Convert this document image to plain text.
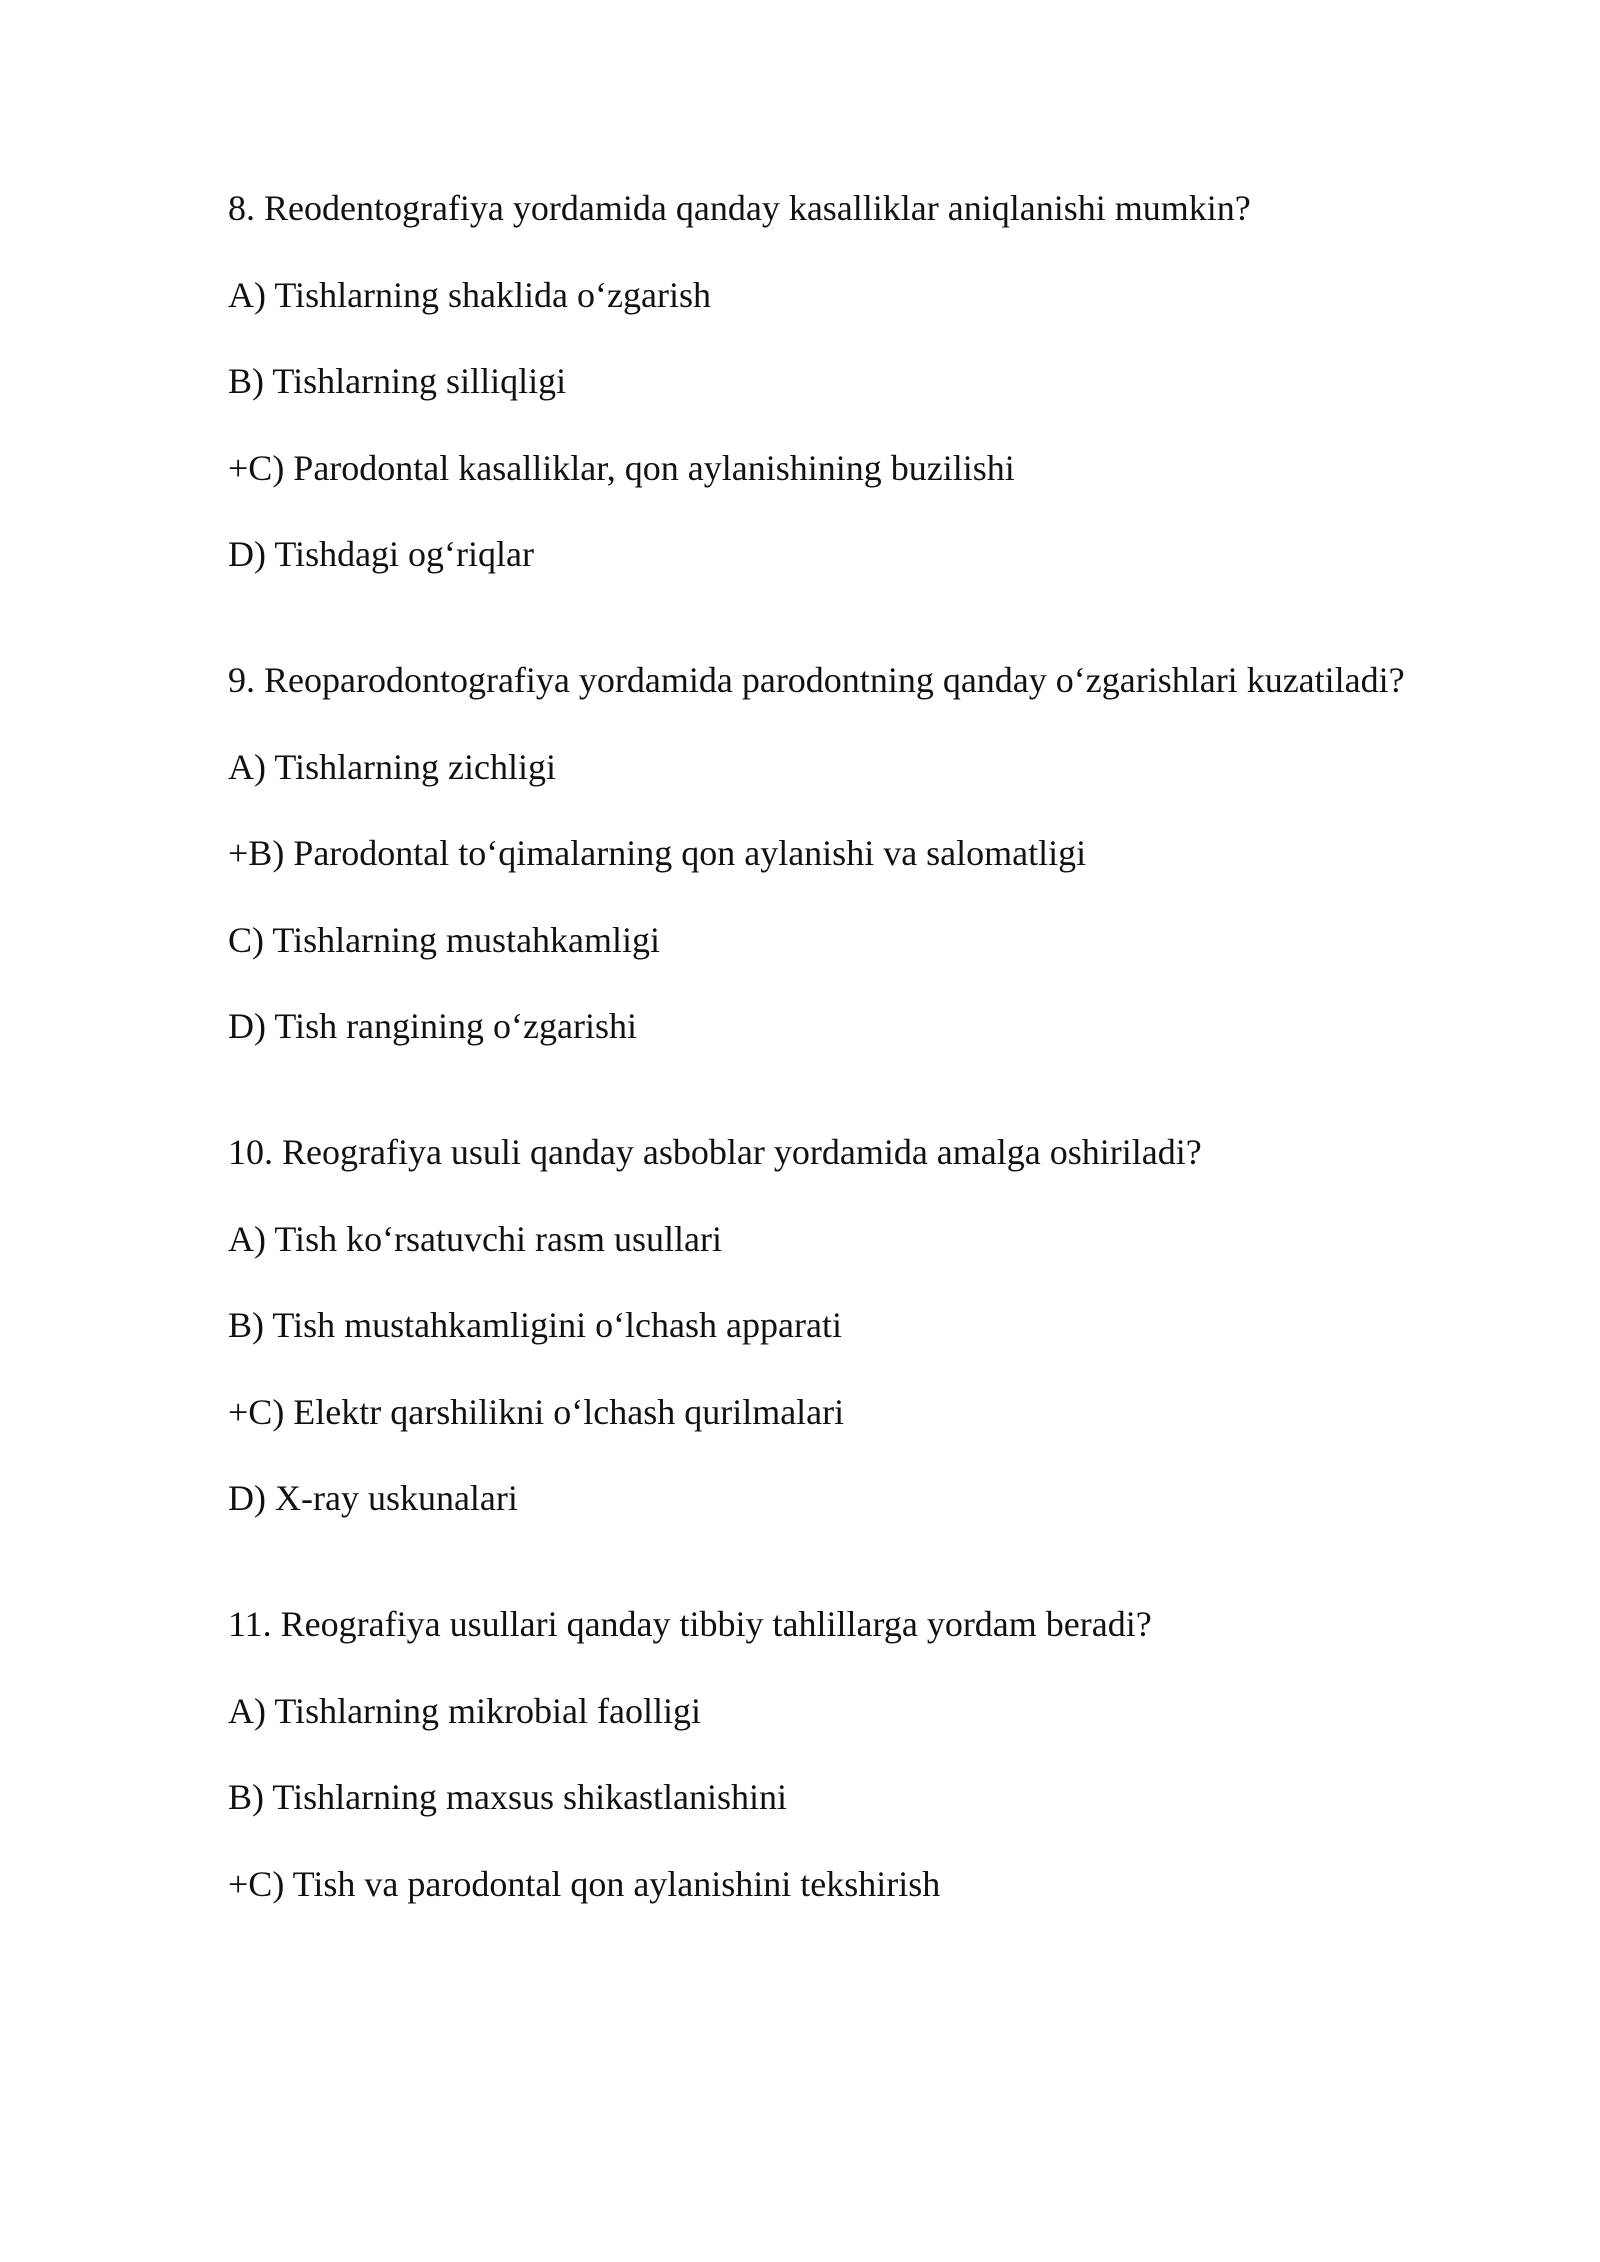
8. Reodentografiya yordamida qanday kasalliklar aniqlanishi mumkin?
A) Tishlarning shaklida o‘zgarish
B) Tishlarning silliqligi
+C) Parodontal kasalliklar, qon aylanishining buzilishi
D) Tishdagi og‘riqlar
9. Reoparodontografiya yordamida parodontning qanday o‘zgarishlari kuzatiladi?
A) Tishlarning zichligi
+B) Parodontal to‘qimalarning qon aylanishi va salomatligi
C) Tishlarning mustahkamligi
D) Tish rangining o‘zgarishi
10. Reografiya usuli qanday asboblar yordamida amalga oshiriladi?
A) Tish ko‘rsatuvchi rasm usullari
B) Tish mustahkamligini o‘lchash apparati
+C) Elektr qarshilikni o‘lchash qurilmalari
D) X-ray uskunalari
11. Reografiya usullari qanday tibbiy tahlillarga yordam beradi?
A) Tishlarning mikrobial faolligi
B) Tishlarning maxsus shikastlanishini
+C) Tish va parodontal qon aylanishini tekshirish
